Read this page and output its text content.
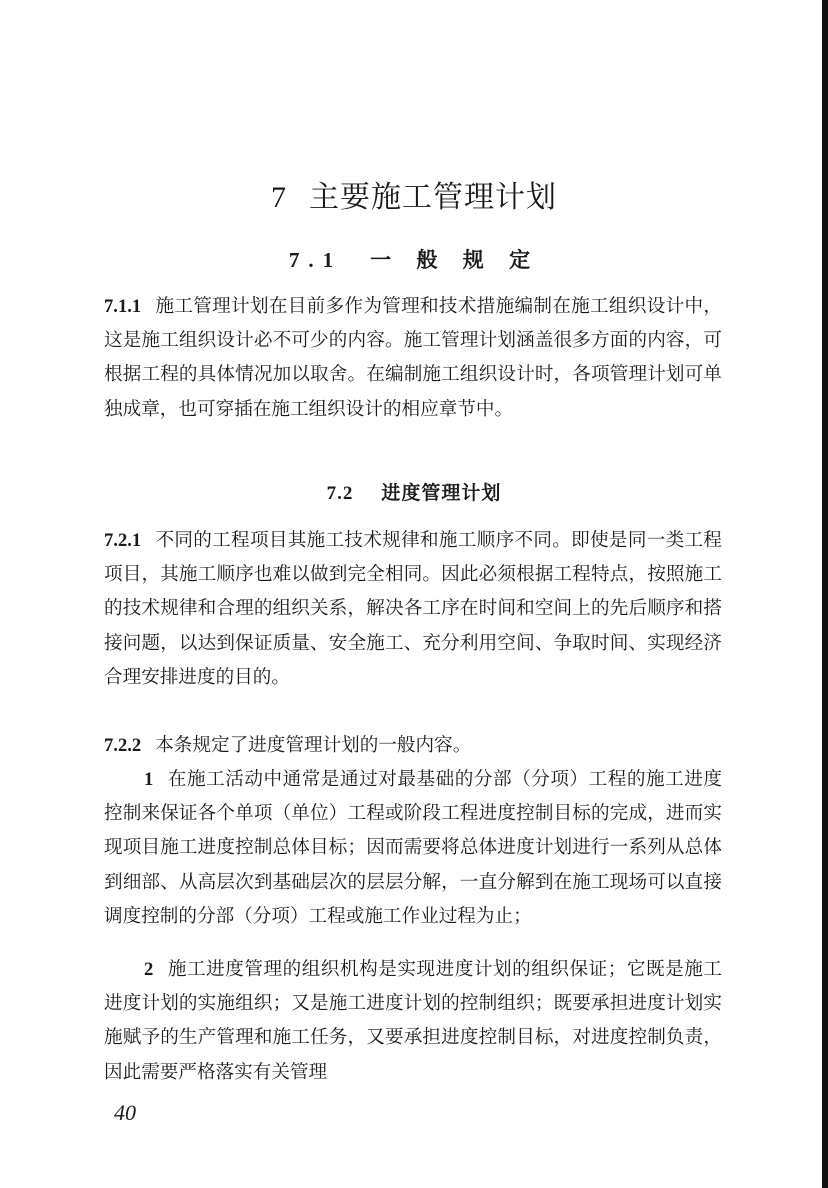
7 主要施工管理计划
7.1 一 般 规 定

7.1.1 施工管理计划在目前多作为管理和技术措施编制在施工组织设计中，这是施工组织设计必不可少的内容。施工管理计划涵盖很多方面的内容，可根据工程的具体情况加以取舍。在编制施工组织设计时，各项管理计划可单独成章，也可穿插在施工组织设计的相应章节中。

7.2 进度管理计划

7.2.1 不同的工程项目其施工技术规律和施工顺序不同。即使是同一类工程项目，其施工顺序也难以做到完全相同。因此必须根据工程特点，按照施工的技术规律和合理的组织关系，解决各工序在时间和空间上的先后顺序和搭接问题，以达到保证质量、安全施工、充分利用空间、争取时间、实现经济合理安排进度的目的。

7.2.2 本条规定了进度管理计划的一般内容。

1 在施工活动中通常是通过对最基础的分部（分项）工程的施工进度控制来保证各个单项（单位）工程或阶段工程进度控制目标的完成，进而实现项目施工进度控制总体目标；因而需要将总体进度计划进行一系列从总体到细部、从高层次到基础层次的层层分解，一直分解到在施工现场可以直接调度控制的分部（分项）工程或施工作业过程为止；

2 施工进度管理的组织机构是实现进度计划的组织保证；它既是施工进度计划的实施组织；又是施工进度计划的控制组织；既要承担进度计划实施赋予的生产管理和施工任务，又要承担进度控制目标，对进度控制负责，因此需要严格落实有关管理

40
